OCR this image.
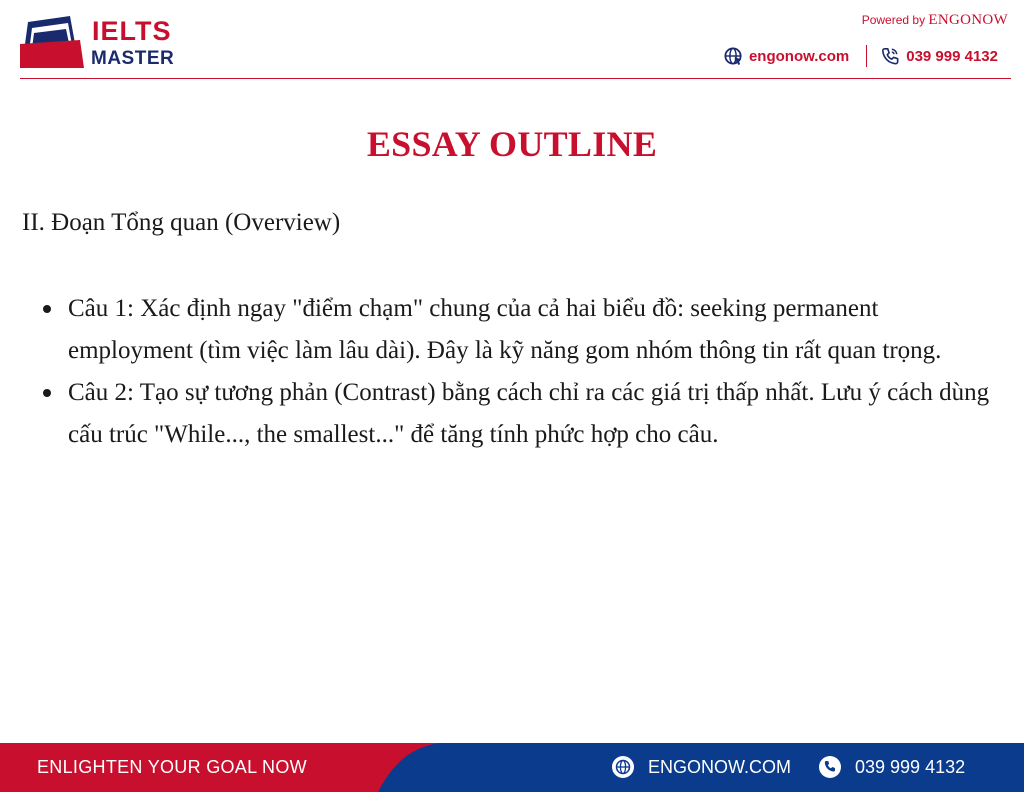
IELTS
MASTER
Powered by ENGONOW
engonow.com	039 999 4132
ESSAY OUTLINE
II. Đoạn Tổng quan (Overview)
Câu 1: Xác định ngay "điểm chạm" chung của cả hai biểu đồ: seeking permanent employment (tìm việc làm lâu dài). Đây là kỹ năng gom nhóm thông tin rất quan trọng.
Câu 2: Tạo sự tương phản (Contrast) bằng cách chỉ ra các giá trị thấp nhất. Lưu ý cách dùng cấu trúc "While..., the smallest..." để tăng tính phức hợp cho câu.
ENLIGHTEN YOUR GOAL NOW	ENGONOW.COM	039 999 4132
